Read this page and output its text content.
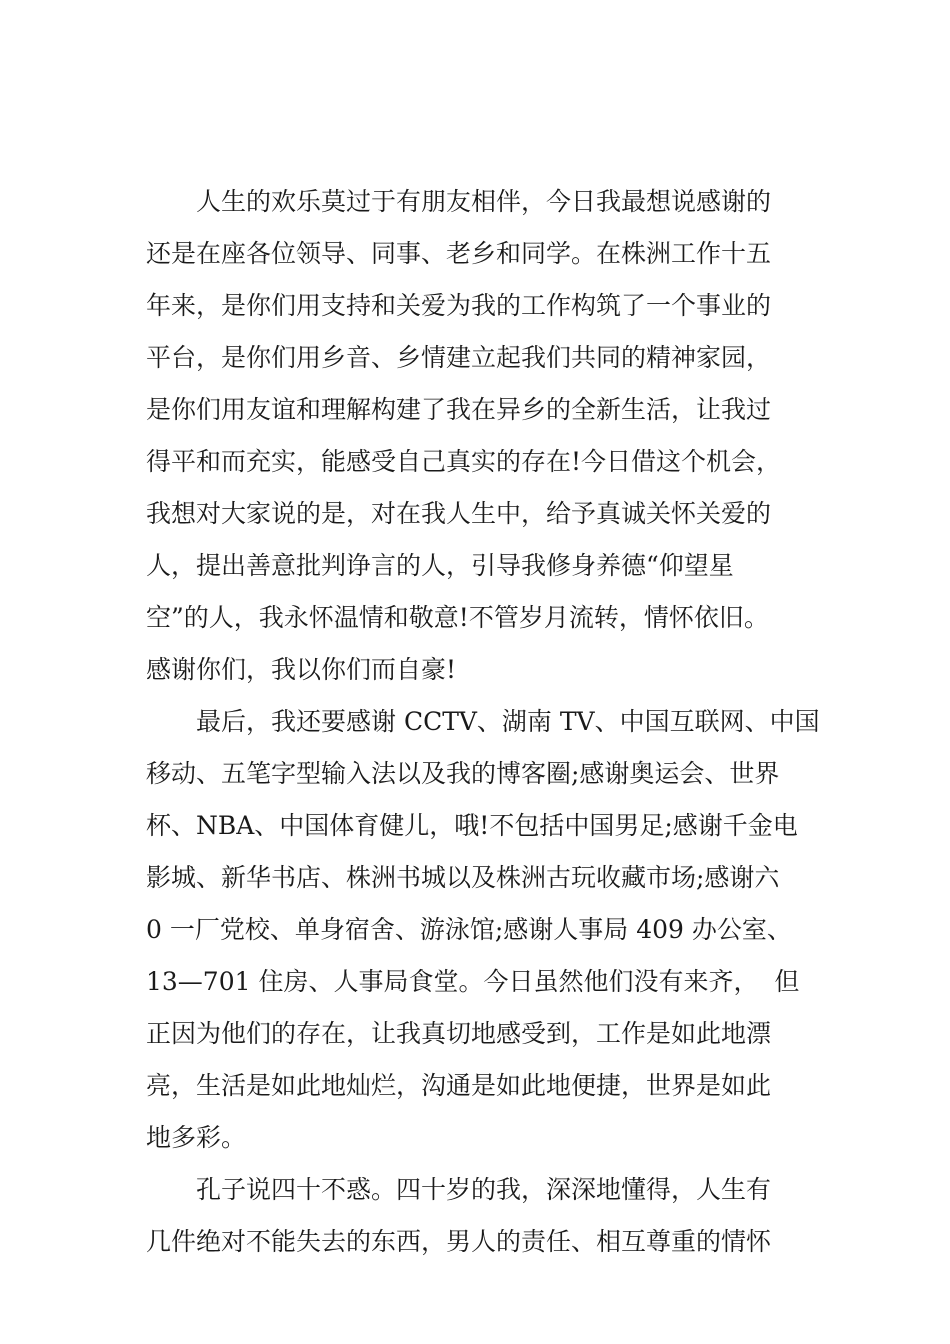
　　人生的欢乐莫过于有朋友相伴，今日我最想说感谢的
还是在座各位领导、同事、老乡和同学。在株洲工作十五
年来，是你们用支持和关爱为我的工作构筑了一个事业的
平台，是你们用乡音、乡情建立起我们共同的精神家园，
是你们用友谊和理解构建了我在异乡的全新生活，让我过
得平和而充实，能感受自己真实的存在!今日借这个机会，
我想对大家说的是，对在我人生中，给予真诚关怀关爱的
人，提出善意批判诤言的人，引导我修身养德“仰望星
空”的人，我永怀温情和敬意!不管岁月流转，情怀依旧。
感谢你们，我以你们而自豪!
　　最后，我还要感谢 CCTV、湖南 TV、中国互联网、中国
移动、五笔字型输入法以及我的博客圈;感谢奥运会、世界
杯、NBA、中国体育健儿，哦!不包括中国男足;感谢千金电
影城、新华书店、株洲书城以及株洲古玩收藏市场;感谢六
0 一厂党校、单身宿舍、游泳馆;感谢人事局 409 办公室、
13—701 住房、人事局食堂。今日虽然他们没有来齐，  但
正因为他们的存在，让我真切地感受到，工作是如此地漂
亮，生活是如此地灿烂，沟通是如此地便捷，世界是如此
地多彩。
　　孔子说四十不惑。四十岁的我，深深地懂得，人生有
几件绝对不能失去的东西，男人的责任、相互尊重的情怀
